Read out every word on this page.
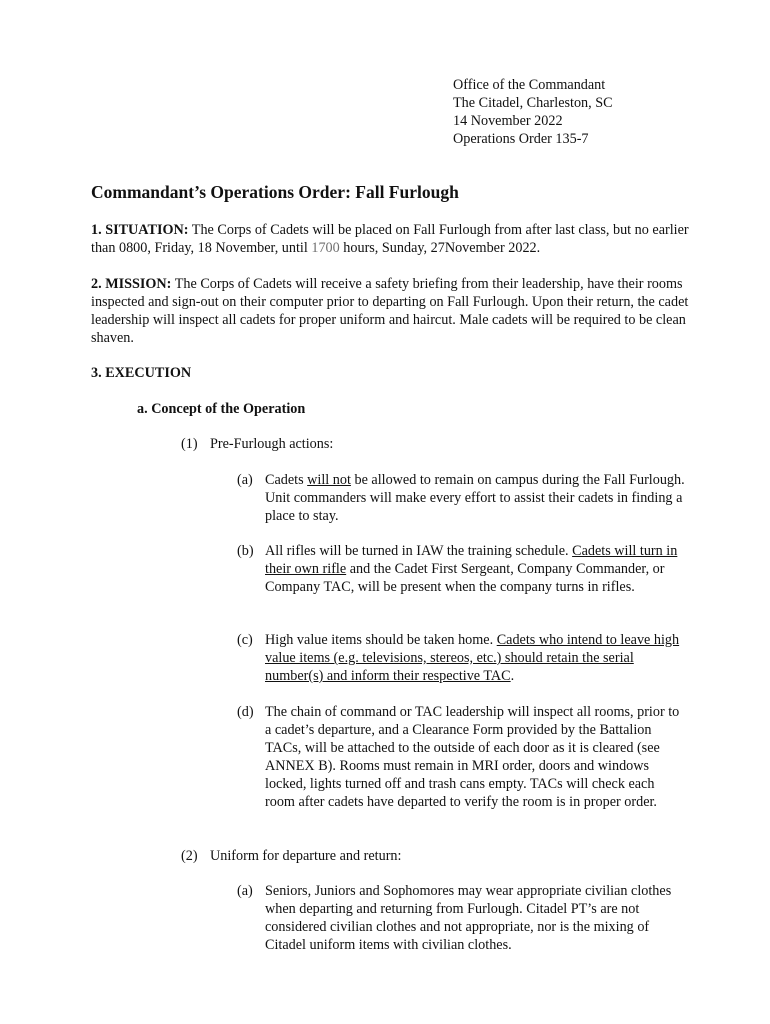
Office of the Commandant
The Citadel, Charleston, SC
14 November 2022
Operations Order 135-7
Commandant’s Operations Order: Fall Furlough

1. SITUATION: The Corps of Cadets will be placed on Fall Furlough from after last class, but no earlier than 0800, Friday, 18 November, until 1700 hours, Sunday, 27November 2022.

2. MISSION: The Corps of Cadets will receive a safety briefing from their leadership, have their rooms inspected and sign-out on their computer prior to departing on Fall Furlough. Upon their return, the cadet leadership will inspect all cadets for proper uniform and haircut. Male cadets will be required to be clean shaven.

3. EXECUTION

a. Concept of the Operation

(1) Pre-Furlough actions:

(a) Cadets will not be allowed to remain on campus during the Fall Furlough. Unit commanders will make every effort to assist their cadets in finding a place to stay.
(b) All rifles will be turned in IAW the training schedule. Cadets will turn in their own rifle and the Cadet First Sergeant, Company Commander, or Company TAC, will be present when the company turns in rifles.
(c) High value items should be taken home. Cadets who intend to leave high value items (e.g. televisions, stereos, etc.) should retain the serial number(s) and inform their respective TAC.
(d) The chain of command or TAC leadership will inspect all rooms, prior to a cadet’s departure, and a Clearance Form provided by the Battalion TACs, will be attached to the outside of each door as it is cleared (see ANNEX B). Rooms must remain in MRI order, doors and windows locked, lights turned off and trash cans empty. TACs will check each room after cadets have departed to verify the room is in proper order.

(2) Uniform for departure and return:

(a) Seniors, Juniors and Sophomores may wear appropriate civilian clothes when departing and returning from Furlough. Citadel PT’s are not considered civilian clothes and not appropriate, nor is the mixing of Citadel uniform items with civilian clothes.
